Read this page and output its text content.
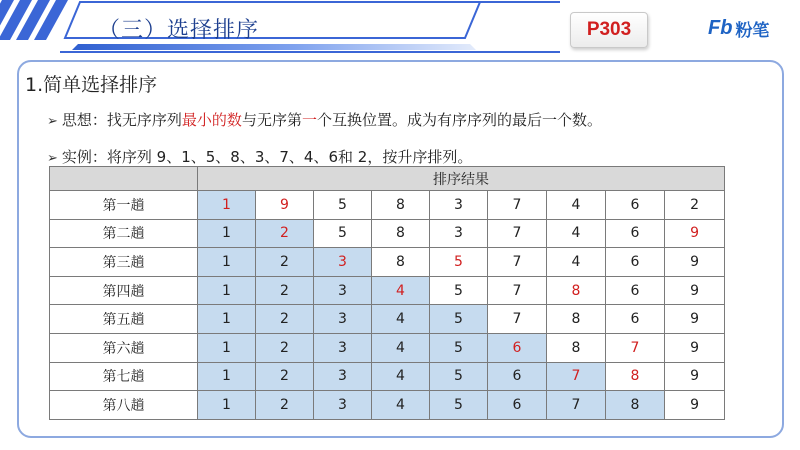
（三）选择排序	P303	Fb 粉笔
1.简单选择排序
➢ 思想：找无序序列最小的数与无序第一个互换位置。成为有序序列的最后一个数。
➢ 实例：将序列 9、1、5、8、3、7、4、6和 2，按升序排列。
	排序结果								
第一趟	1	9	5	8	3	7	4	6	2
第二趟	1	2	5	8	3	7	4	6	9
第三趟	1	2	3	8	5	7	4	6	9
第四趟	1	2	3	4	5	7	8	6	9
第五趟	1	2	3	4	5	7	8	6	9
第六趟	1	2	3	4	5	6	8	7	9
第七趟	1	2	3	4	5	6	7	8	9
第八趟	1	2	3	4	5	6	7	8	9
